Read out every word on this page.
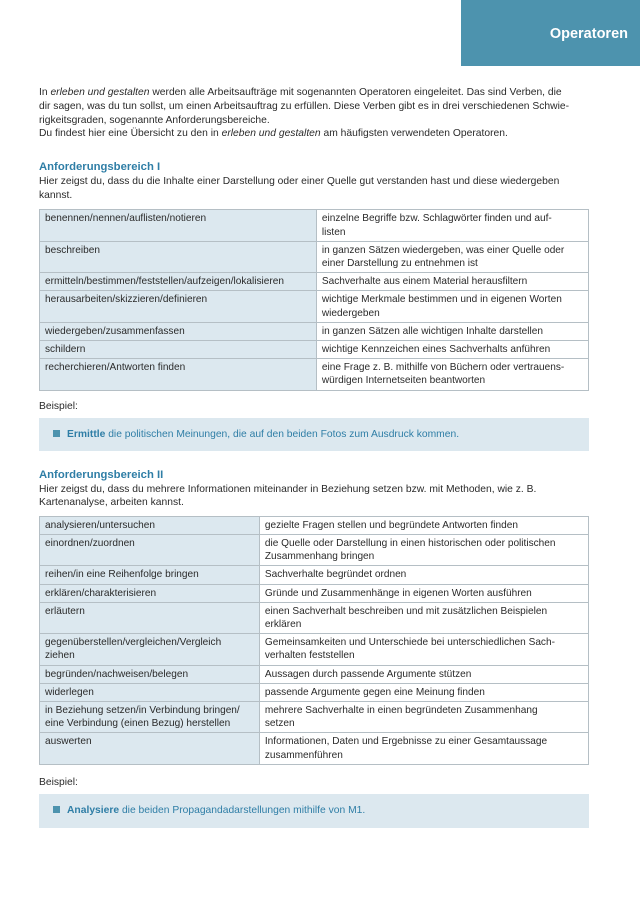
Operatoren

In erleben und gestalten werden alle Arbeitsaufträge mit sogenannten Operatoren eingeleitet. Das sind Verben, die
dir sagen, was du tun sollst, um einen Arbeitsauftrag zu erfüllen. Diese Verben gibt es in drei verschiedenen Schwie-
rigkeitsgraden, sogenannte Anforderungsbereiche.

Du findest hier eine Übersicht zu den in erleben und gestalten am häufigsten verwendeten Operatoren.

Anforderungsbereich I

Hier zeigst du, dass du die Inhalte einer Darstellung oder einer Quelle gut verstanden hast und diese wiedergeben
kannst.

benennen/nennen/auflisten/notieren	einzelne Begriffe bzw. Schlagwörter finden und auf-
listen
beschreiben	in ganzen Sätzen wiedergeben, was einer Quelle oder
einer Darstellung zu entnehmen ist
ermitteln/bestimmen/feststellen/aufzeigen/lokalisieren	Sachverhalte aus einem Material herausfiltern
herausarbeiten/skizzieren/definieren	wichtige Merkmale bestimmen und in eigenen Worten
wiedergeben
wiedergeben/zusammenfassen	in ganzen Sätzen alle wichtigen Inhalte darstellen
schildern	wichtige Kennzeichen eines Sachverhalts anführen
recherchieren/Antworten finden	eine Frage z. B. mithilfe von Büchern oder vertrauens-
würdigen Internetseiten beantworten

Beispiel:

Ermittle die politischen Meinungen, die auf den beiden Fotos zum Ausdruck kommen.
Anforderungsbereich II

Hier zeigst du, dass du mehrere Informationen miteinander in Beziehung setzen bzw. mit Methoden, wie z. B.
Kartenanalyse, arbeiten kannst.

analysieren/untersuchen	gezielte Fragen stellen und begründete Antworten finden
einordnen/zuordnen	die Quelle oder Darstellung in einen historischen oder politischen
Zusammenhang bringen
reihen/in eine Reihenfolge bringen	Sachverhalte begründet ordnen
erklären/charakterisieren	Gründe und Zusammenhänge in eigenen Worten ausführen
erläutern	einen Sachverhalt beschreiben und mit zusätzlichen Beispielen
erklären
gegenüberstellen/vergleichen/Vergleich
ziehen	Gemeinsamkeiten und Unterschiede bei unterschiedlichen Sach-
verhalten feststellen
begründen/nachweisen/belegen	Aussagen durch passende Argumente stützen
widerlegen	passende Argumente gegen eine Meinung finden
in Beziehung setzen/in Verbindung bringen/
eine Verbindung (einen Bezug) herstellen	mehrere Sachverhalte in einen begründeten Zusammenhang
setzen
auswerten	Informationen, Daten und Ergebnisse zu einer Gesamtaussage
zusammenführen

Beispiel:

Analysiere die beiden Propagandadarstellungen mithilfe von M1.
